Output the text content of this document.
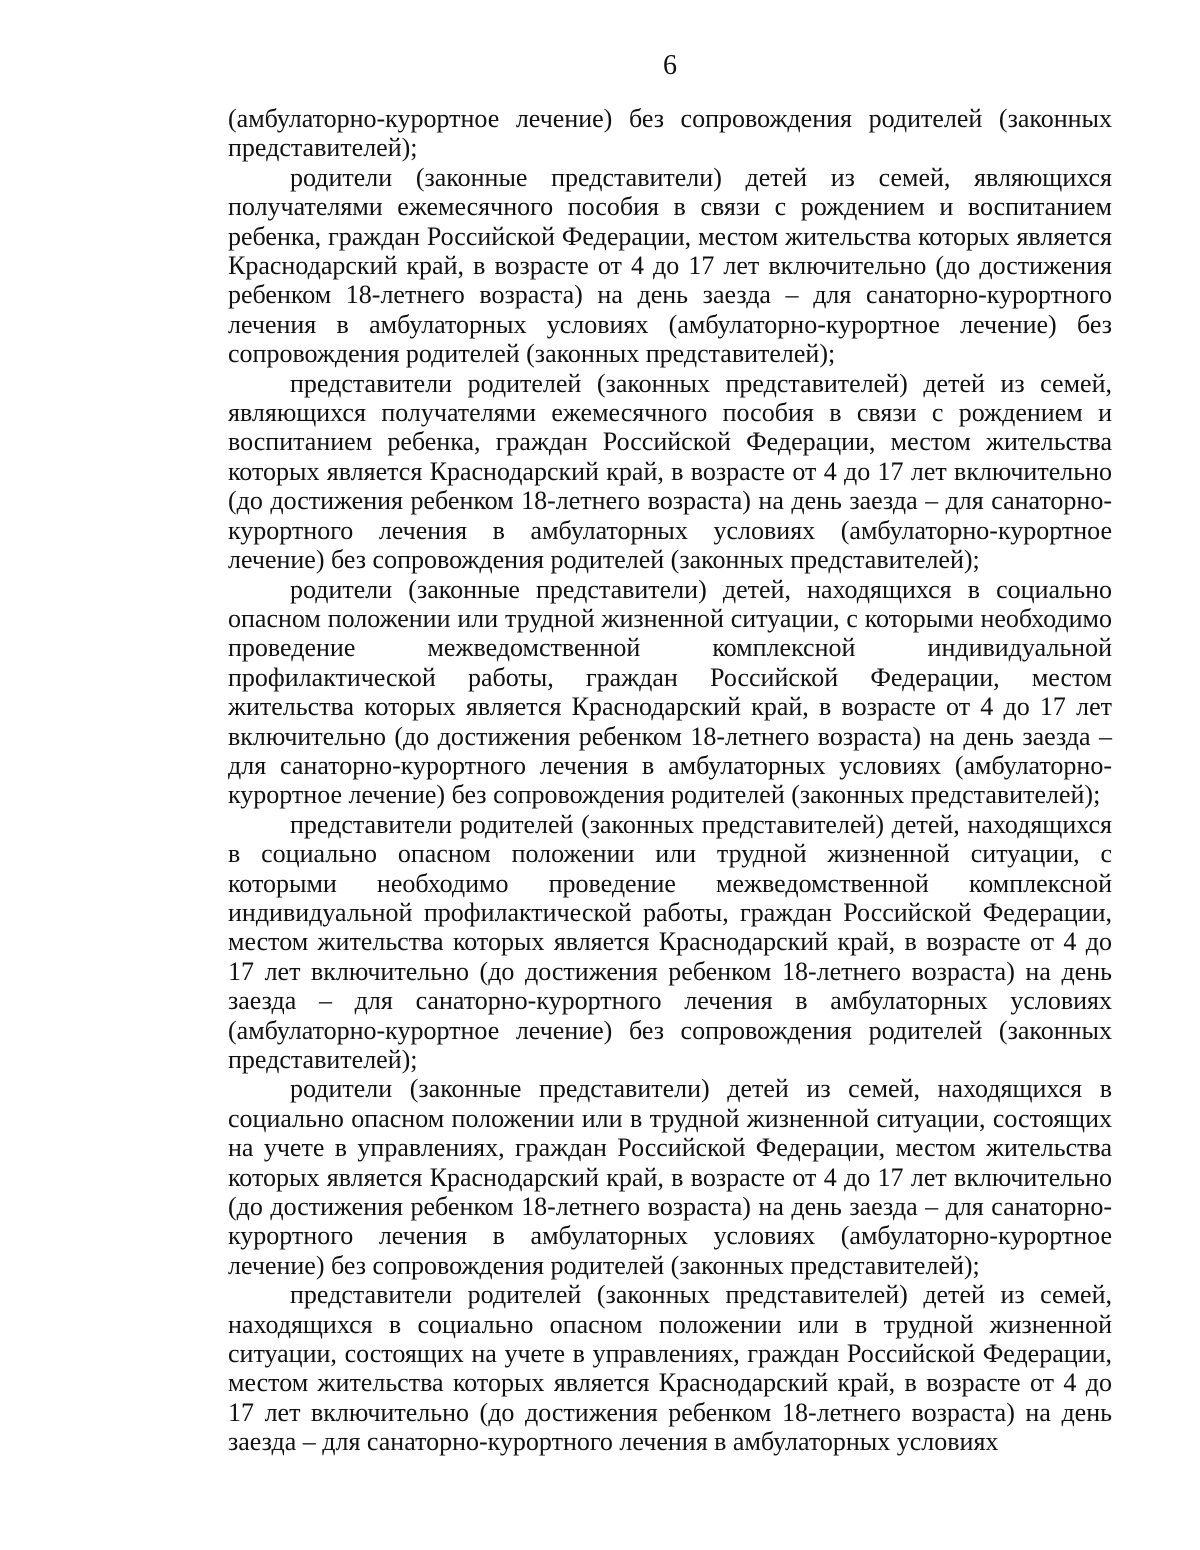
6

(амбулаторно-курортное лечение) без сопровождения родителей (законных представителей);

родители (законные представители) детей из семей, являющихся получателями ежемесячного пособия в связи с рождением и воспитанием ребенка, граждан Российской Федерации, местом жительства которых является Краснодарский край, в возрасте от 4 до 17 лет включительно (до достижения ребенком 18-летнего возраста) на день заезда – для санаторно-курортного лечения в амбулаторных условиях (амбулаторно-курортное лечение) без сопровождения родителей (законных представителей);

представители родителей (законных представителей) детей из семей, являющихся получателями ежемесячного пособия в связи с рождением и воспитанием ребенка, граждан Российской Федерации, местом жительства которых является Краснодарский край, в возрасте от 4 до 17 лет включительно (до достижения ребенком 18-летнего возраста) на день заезда – для санаторно-курортного лечения в амбулаторных условиях (амбулаторно-курортное лечение) без сопровождения родителей (законных представителей);

родители (законные представители) детей, находящихся в социально опасном положении или трудной жизненной ситуации, с которыми необходимо проведение межведомственной комплексной индивидуальной профилактической работы, граждан Российской Федерации, местом жительства которых является Краснодарский край, в возрасте от 4 до 17 лет включительно (до достижения ребенком 18-летнего возраста) на день заезда – для санаторно-курортного лечения в амбулаторных условиях (амбулаторно-курортное лечение) без сопровождения родителей (законных представителей);

представители родителей (законных представителей) детей, находящихся в социально опасном положении или трудной жизненной ситуации, с которыми необходимо проведение межведомственной комплексной индивидуальной профилактической работы, граждан Российской Федерации, местом жительства которых является Краснодарский край, в возрасте от 4 до 17 лет включительно (до достижения ребенком 18-летнего возраста) на день заезда – для санаторно-курортного лечения в амбулаторных условиях (амбулаторно-курортное лечение) без сопровождения родителей (законных представителей);

родители (законные представители) детей из семей, находящихся в социально опасном положении или в трудной жизненной ситуации, состоящих на учете в управлениях, граждан Российской Федерации, местом жительства которых является Краснодарский край, в возрасте от 4 до 17 лет включительно (до достижения ребенком 18-летнего возраста) на день заезда – для санаторно-курортного лечения в амбулаторных условиях (амбулаторно-курортное лечение) без сопровождения родителей (законных представителей);

представители родителей (законных представителей) детей из семей, находящихся в социально опасном положении или в трудной жизненной ситуации, состоящих на учете в управлениях, граждан Российской Федерации, местом жительства которых является Краснодарский край, в возрасте от 4 до 17 лет включительно (до достижения ребенком 18-летнего возраста) на день заезда – для санаторно-курортного лечения в амбулаторных условиях
